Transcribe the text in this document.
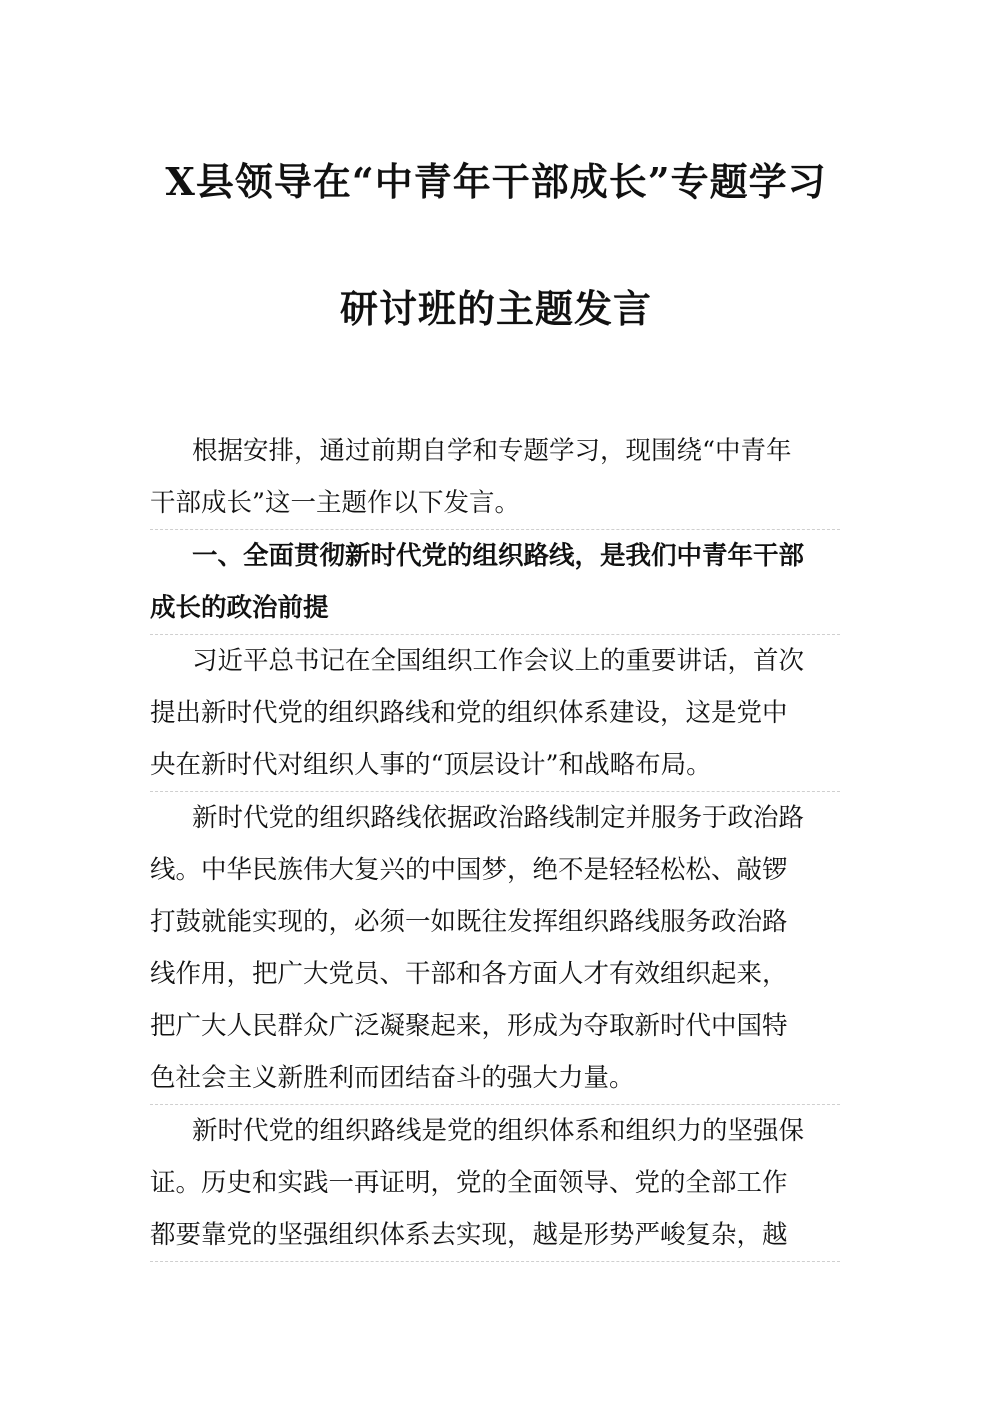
X县领导在“中青年干部成长”专题学习
研讨班的主题发言
根据安排，通过前期自学和专题学习，现围绕“中青年
干部成长”这一主题作以下发言。
一、全面贯彻新时代党的组织路线，是我们中青年干部
成长的政治前提
习近平总书记在全国组织工作会议上的重要讲话，首次
提出新时代党的组织路线和党的组织体系建设，这是党中
央在新时代对组织人事的“顶层设计”和战略布局。
新时代党的组织路线依据政治路线制定并服务于政治路
线。中华民族伟大复兴的中国梦，绝不是轻轻松松、敲锣
打鼓就能实现的，必须一如既往发挥组织路线服务政治路
线作用，把广大党员、干部和各方面人才有效组织起来，
把广大人民群众广泛凝聚起来，形成为夺取新时代中国特
色社会主义新胜利而团结奋斗的强大力量。
新时代党的组织路线是党的组织体系和组织力的坚强保
证。历史和实践一再证明，党的全面领导、党的全部工作
都要靠党的坚强组织体系去实现，越是形势严峻复杂，越
